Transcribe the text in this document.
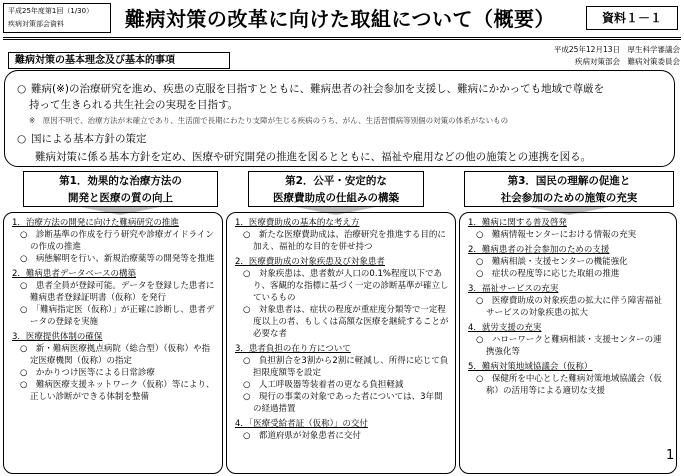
平成25年度第1回（1/30）
疾病対策部会資料	難病対策の改革に向けた取組について（概要）	資料１－１
平成25年12月13日　厚生科学審議会
疾病対策部会　難病対策委員会
難病対策の基本理念及び基本的事項
○ 難病(※)の治療研究を進め、疾患の克服を目指すとともに、難病患者の社会参加を支援し、難病にかかっても地域で尊厳を
持って生きられる共生社会の実現を目指す。
※　原因不明で、治療方法が未確立であり、生活面で長期にわたり支障が生じる疾病のうち、がん、生活習慣病等別個の対策の体系がないもの
○ 国による基本方針の策定
難病対策に係る基本方針を定め、医療や研究開発の推進を図るとともに、福祉や雇用などの他の施策との連携を図る。
第1．効果的な治療方法の
開発と医療の質の向上
第2．公平・安定的な
医療費助成の仕組みの構築
第3．国民の理解の促進と
社会参加のための施策の充実
1．治療方法の開発に向けた難病研究の推進
○　診断基準の作成を行う研究や診療ガイドラインの作成の推進
○　病態解明を行い、新規治療薬等の開発等を推進
2．難病患者データベースの構築
○　患者全員が登録可能。データを登録した患者に難病患者登録証明書（仮称）を発行
○　「難病指定医（仮称）」が正確に診断し、患者データの登録を実施
3．医療提供体制の確保
○　新・難病医療拠点病院（総合型）（仮称）や指定医療機関（仮称）の指定
○　かかりつけ医等による日常診療
○　難病医療支援ネットワーク（仮称）等により、正しい診断ができる体制を整備
1．医療費助成の基本的な考え方
○　新たな医療費助成は、治療研究を推進する目的に加え、福祉的な目的を併せ持つ
2．医療費助成の対象疾患及び対象患者
○　対象疾患は、患者数が人口の0.1%程度以下であり、客観的な指標に基づく一定の診断基準が確立しているもの
○　対象患者は、症状の程度が重症度分類等で一定程度以上の者、もしくは高額な医療を継続することが必要な者
3．患者負担の在り方について
○　負担割合を3割から2割に軽減し、所得に応じて負担限度額等を設定
○　人工呼吸器等装着者の更なる負担軽減
○　現行の事業の対象であった者については、3年間の経過措置
4．「医療受給者証（仮称）」の交付
○　都道府県が対象患者に交付
1．難病に関する普及啓発
○　難病情報センターにおける情報の充実
2．難病患者の社会参加のための支援
○　難病相談・支援センターの機能強化
○　症状の程度等に応じた取組の推進
3．福祉サービスの充実
○　医療費助成の対象疾患の拡大に伴う障害福祉サービスの対象疾患の拡大
4．就労支援の充実
○　ハローワークと難病相談・支援センターの連携強化等
5．難病対策地域協議会（仮称）
○　保健所を中心とした難病対策地域協議会（仮称）の活用等による適切な支援
1
